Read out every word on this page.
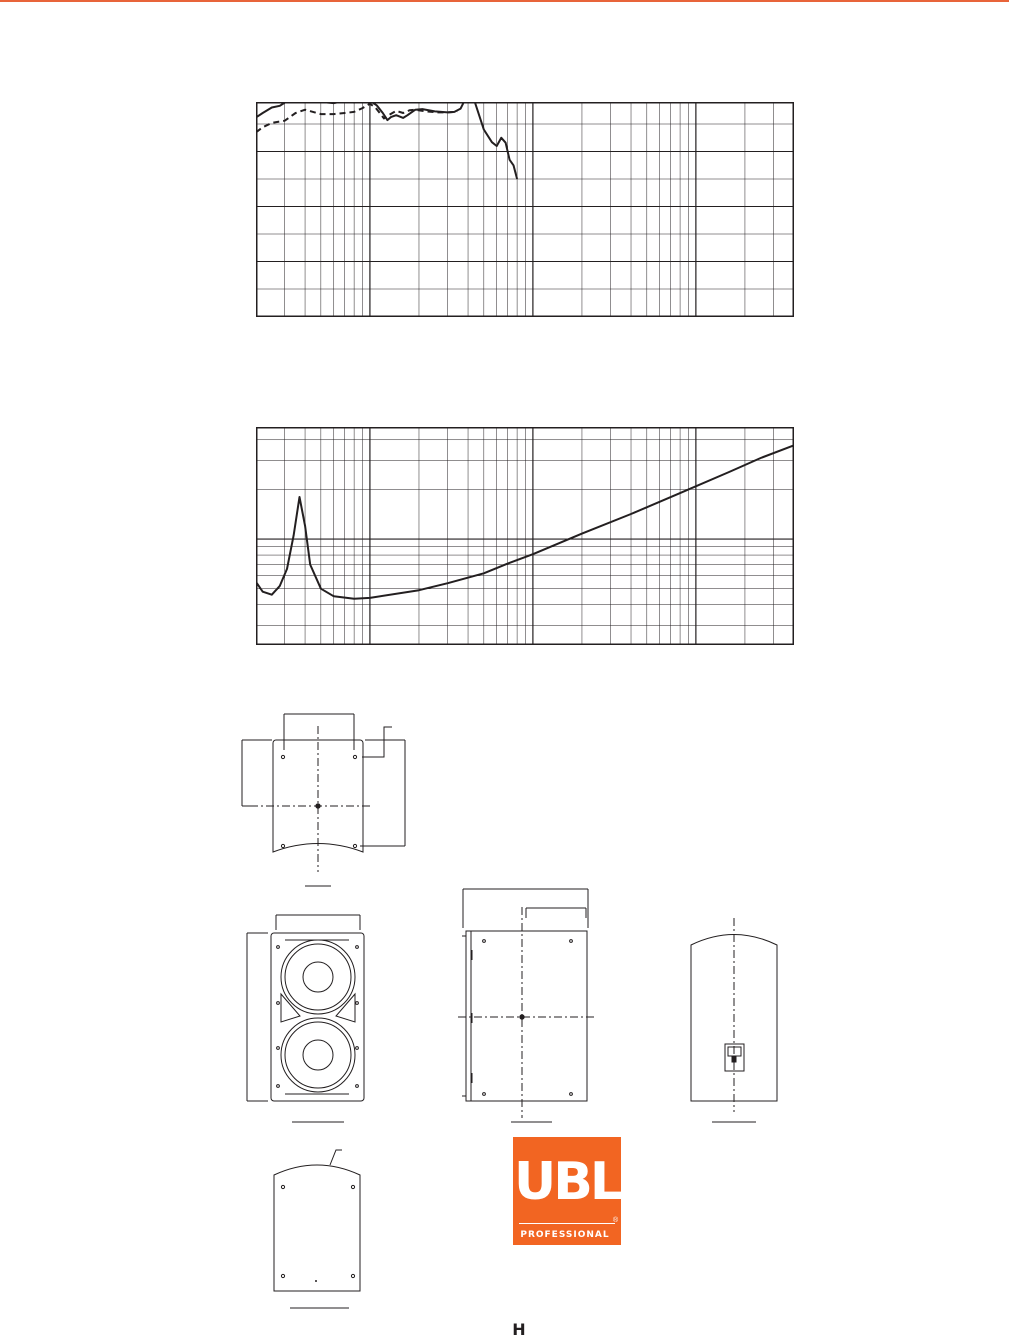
UBL
PROFESSIONAL
®
H
